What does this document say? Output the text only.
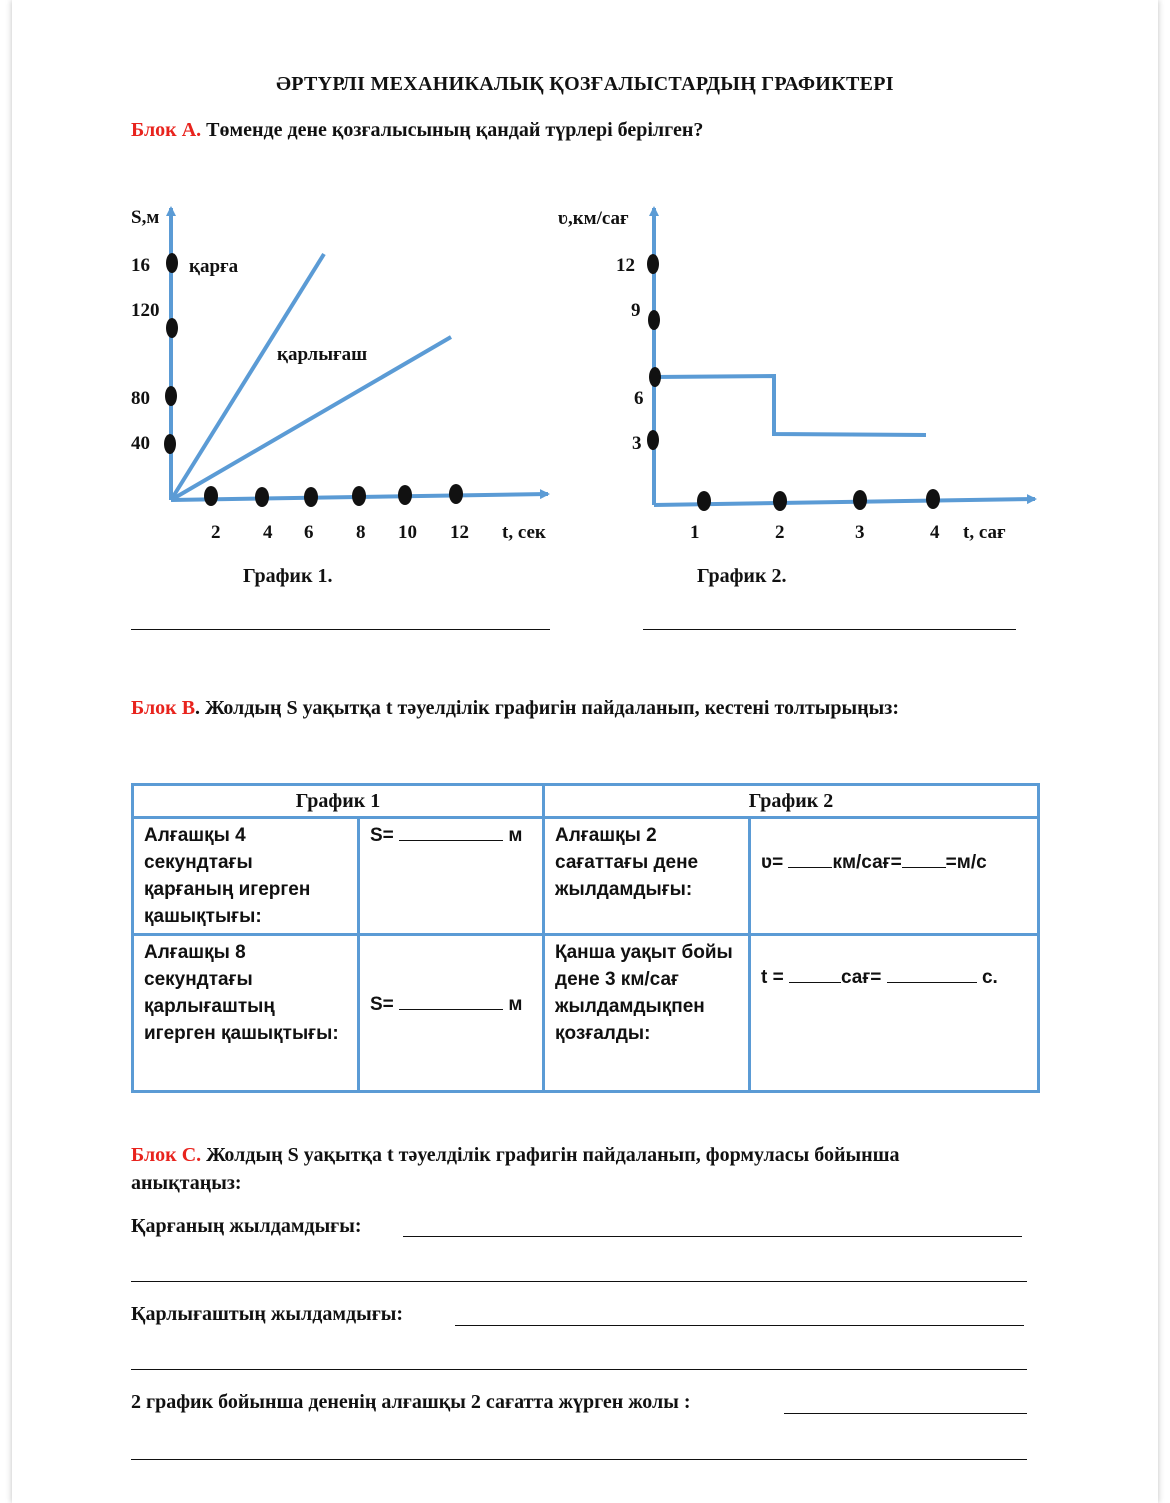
ӘРТҮРЛІ МЕХАНИКАЛЫҚ ҚОЗҒАЛЫСТАРДЫҢ ГРАФИКТЕРІ
Блок А. Төменде дене қозғалысының қандай түрлері берілген?
S,м
16
120
80
40
2 4 6 8 10 12 t, сек
қарға
қарлығаш
График 1.
ʋ,км/сағ
12
9
6
3
1	2	3	4 t, сағ
График 2.
Блок В. Жолдың S уақытқа t тәуелділік графигін пайдаланып, кестені толтырыңыз:
График 1		График 2	
Алғашқы 4 секундтағы қарғаның игерген қашықтығы:	S= м	Алғашқы 2 сағаттағы дене жылдамдығы:	ʋ= км/сағ= =м/с
Алғашқы 8 секундтағы қарлығаштың игерген қашықтығы:	S= м	Қанша уақыт бойы дене 3 км/сағ жылдамдықпен қозғалды:	t = сағ= с.
Блок С. Жолдың S уақытқа t тәуелділік графигін пайдаланып, формуласы бойынша
анықтаңыз:
Қарғаның жылдамдығы:
Қарлығаштың жылдамдығы:
2 график бойынша дененің алғашқы 2 сағатта жүрген жолы :
